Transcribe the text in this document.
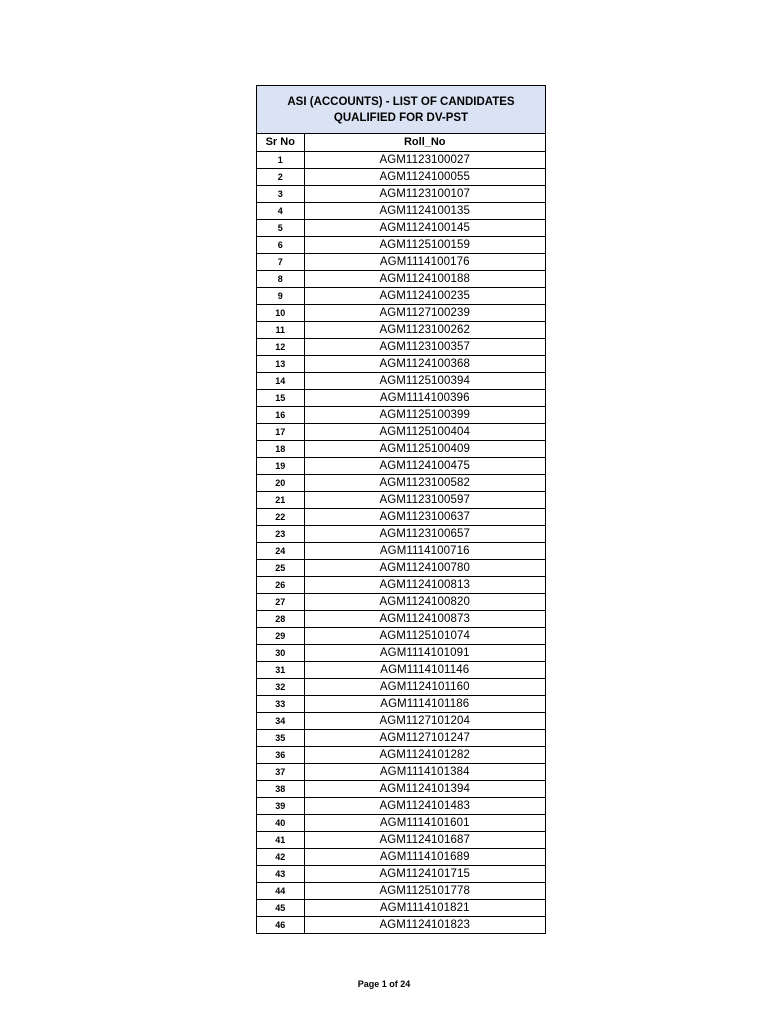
ASI (ACCOUNTS) - LIST OF CANDIDATES QUALIFIED FOR DV-PST
Sr No	Roll_No
1	AGM1123100027
2	AGM1124100055
3	AGM1123100107
4	AGM1124100135
5	AGM1124100145
6	AGM1125100159
7	AGM1114100176
8	AGM1124100188
9	AGM1124100235
10	AGM1127100239
11	AGM1123100262
12	AGM1123100357
13	AGM1124100368
14	AGM1125100394
15	AGM1114100396
16	AGM1125100399
17	AGM1125100404
18	AGM1125100409
19	AGM1124100475
20	AGM1123100582
21	AGM1123100597
22	AGM1123100637
23	AGM1123100657
24	AGM1114100716
25	AGM1124100780
26	AGM1124100813
27	AGM1124100820
28	AGM1124100873
29	AGM1125101074
30	AGM1114101091
31	AGM1114101146
32	AGM1124101160
33	AGM1114101186
34	AGM1127101204
35	AGM1127101247
36	AGM1124101282
37	AGM1114101384
38	AGM1124101394
39	AGM1124101483
40	AGM1114101601
41	AGM1124101687
42	AGM1114101689
43	AGM1124101715
44	AGM1125101778
45	AGM1114101821
46	AGM1124101823
Page 1 of 24
